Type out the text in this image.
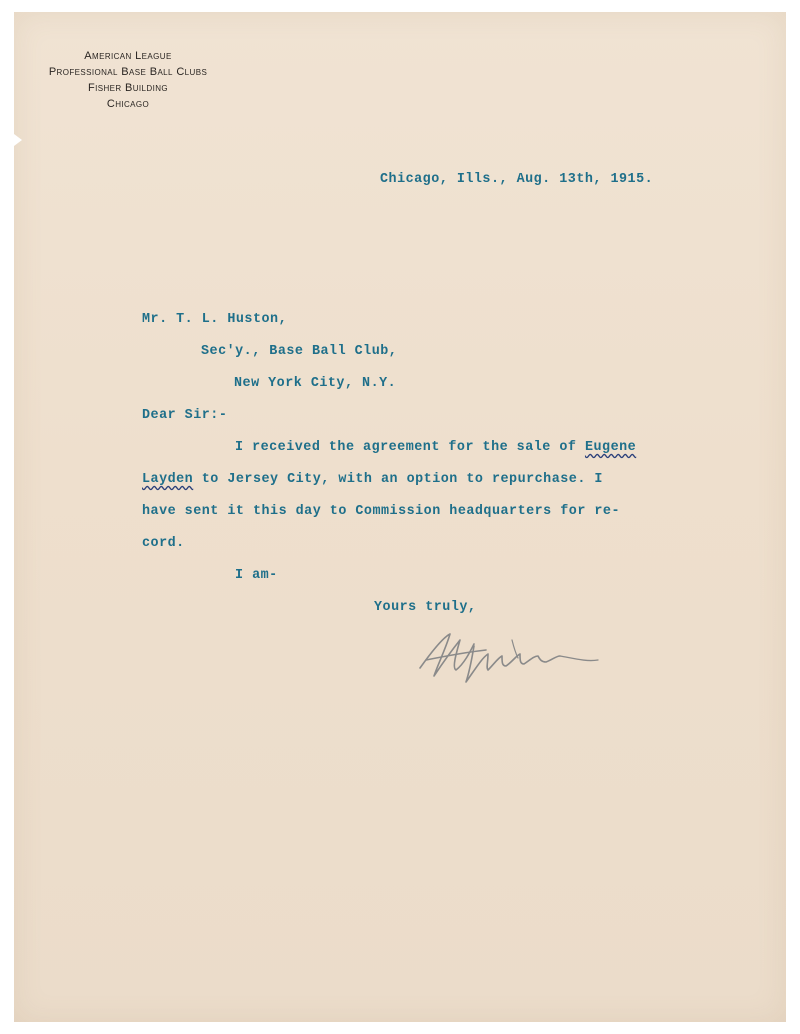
American League
Professional Base Ball Clubs
Fisher Building
Chicago
Chicago, Ills., Aug. 13th, 1915.
Mr. T. L. Huston,
Sec'y., Base Ball Club,
New York City, N.Y.
Dear Sir:-
I received the agreement for the sale of Eugene
Layden to Jersey City, with an option to repurchase. I
have sent it this day to Commission headquarters for re-
cord.
I am-
Yours truly,
